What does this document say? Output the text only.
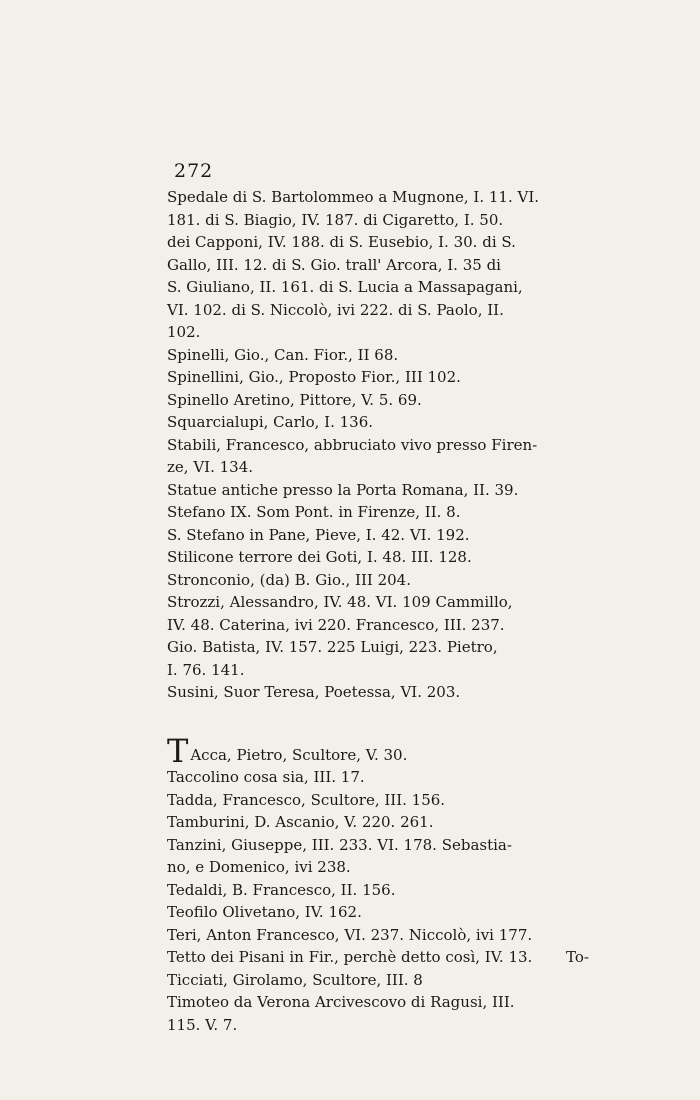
272
Spedale di S. Bartolommeo a Mugnone, I. 11. VI.
181. di S. Biagio, IV. 187. di Cigaretto, I. 50.
dei Capponi, IV. 188. di S. Eusebio, I. 30. di S.
Gallo, III. 12. di S. Gio. trall' Arcora, I. 35 di
S. Giuliano, II. 161. di S. Lucia a Massapagani,
VI. 102. di S. Niccolò, ivi 222. di S. Paolo, II.
102.
Spinelli, Gio., Can. Fior., II 68.
Spinellini, Gio., Proposto Fior., III 102.
Spinello Aretino, Pittore, V. 5. 69.
Squarcialupi, Carlo, I. 136.
Stabili, Francesco, abbruciato vivo presso Firen-
ze, VI. 134.
Statue antiche presso la Porta Romana, II. 39.
Stefano IX. Som Pont. in Firenze, II. 8.
S. Stefano in Pane, Pieve, I. 42. VI. 192.
Stilicone terrore dei Goti, I. 48. III. 128.
Stronconio, (da) B. Gio., III 204.
Strozzi, Alessandro, IV. 48. VI. 109 Cammillo,
IV. 48. Caterina, ivi 220. Francesco, III. 237.
Gio. Batista, IV. 157. 225 Luigi, 223. Pietro,
I. 76. 141.
Susini, Suor Teresa, Poetessa, VI. 203.
T Acca, Pietro, Scultore, V. 30.
Taccolino cosa sia, III. 17.
Tadda, Francesco, Scultore, III. 156.
Tamburini, D. Ascanio, V. 220. 261.
Tanzini, Giuseppe, III. 233. VI. 178. Sebastia-
no, e Domenico, ivi 238.
Tedaldi, B. Francesco, II. 156.
Teofilo Olivetano, IV. 162.
Teri, Anton Francesco, VI. 237. Niccolò, ivi 177.
Tetto dei Pisani in Fir., perchè detto così, IV. 13.
Ticciati, Girolamo, Scultore, III. 8
Timoteo da Verona Arcivescovo di Ragusi, III.
115. V. 7.
To-
